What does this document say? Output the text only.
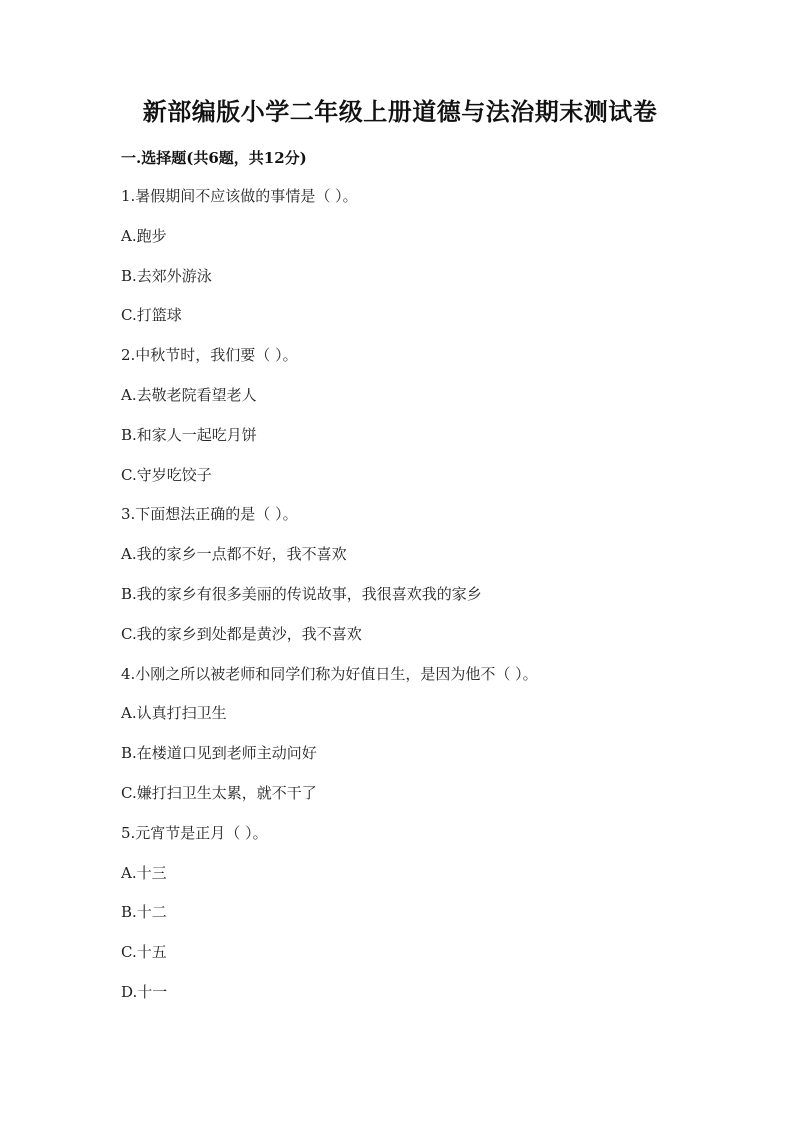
新部编版小学二年级上册道德与法治期末测试卷
一.选择题(共6题，共12分)
1.暑假期间不应该做的事情是（ ）。
A.跑步
B.去郊外游泳
C.打篮球
2.中秋节时，我们要（ ）。
A.去敬老院看望老人
B.和家人一起吃月饼
C.守岁吃饺子
3.下面想法正确的是（ ）。
A.我的家乡一点都不好，我不喜欢
B.我的家乡有很多美丽的传说故事，我很喜欢我的家乡
C.我的家乡到处都是黄沙，我不喜欢
4.小刚之所以被老师和同学们称为好值日生，是因为他不（ ）。
A.认真打扫卫生
B.在楼道口见到老师主动问好
C.嫌打扫卫生太累，就不干了
5.元宵节是正月（ ）。
A.十三
B.十二
C.十五
D.十一
